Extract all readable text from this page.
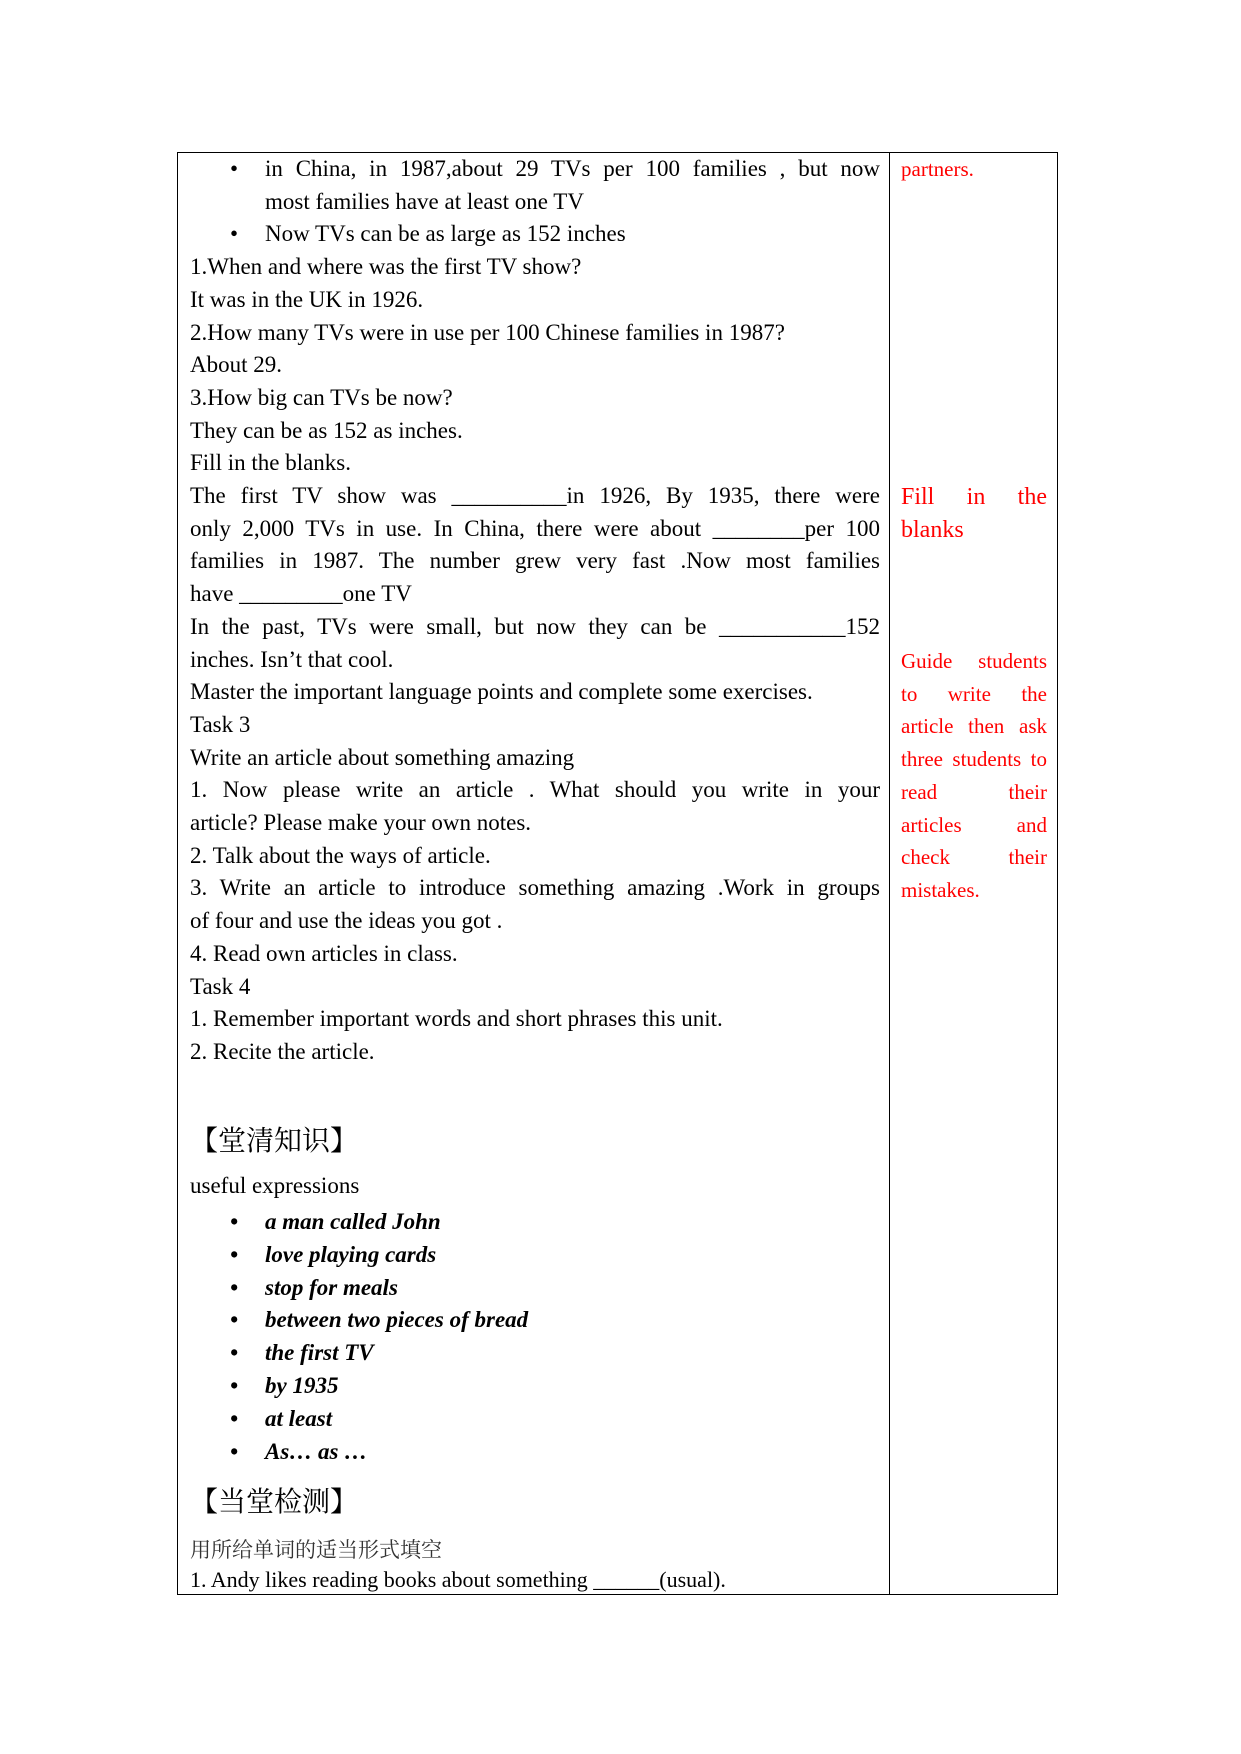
• in China, in 1987,about 29 TVs per 100 families , but now
most families have at least one TV
• Now TVs can be as large as 152 inches
1.When and where was the first TV show?
It was in the UK in 1926.
2.How many TVs were in use per 100 Chinese families in 1987?
About 29.
3.How big can TVs be now?
They can be as 152 as inches.
Fill in the blanks.
The first TV show was __________in 1926, By 1935, there were
only 2,000 TVs in use. In China, there were about ________per 100
families in 1987. The number grew very fast .Now most families
have _________one TV
In the past, TVs were small, but now they can be ___________152
inches. Isn’t that cool.
Master the important language points and complete some exercises.
Task 3
Write an article about something amazing
1. Now please write an article . What should you write in your
article? Please make your own notes.
2. Talk about the ways of article.
3. Write an article to introduce something amazing .Work in groups
of four and use the ideas you got .
4. Read own articles in class.
Task 4
1. Remember important words and short phrases this unit.
2. Recite the article.
【堂清知识】
useful expressions
• a man called John
• love playing cards
• stop for meals
• between two pieces of bread
• the first TV
• by 1935
• at least
• As… as …
【当堂检测】
用所给单词的适当形式填空
1. Andy likes reading books about something ______(usual).
partners.
Fill in the
blanks
Guide students
to write the
article then ask
three students to
read their
articles and
check their
mistakes.
